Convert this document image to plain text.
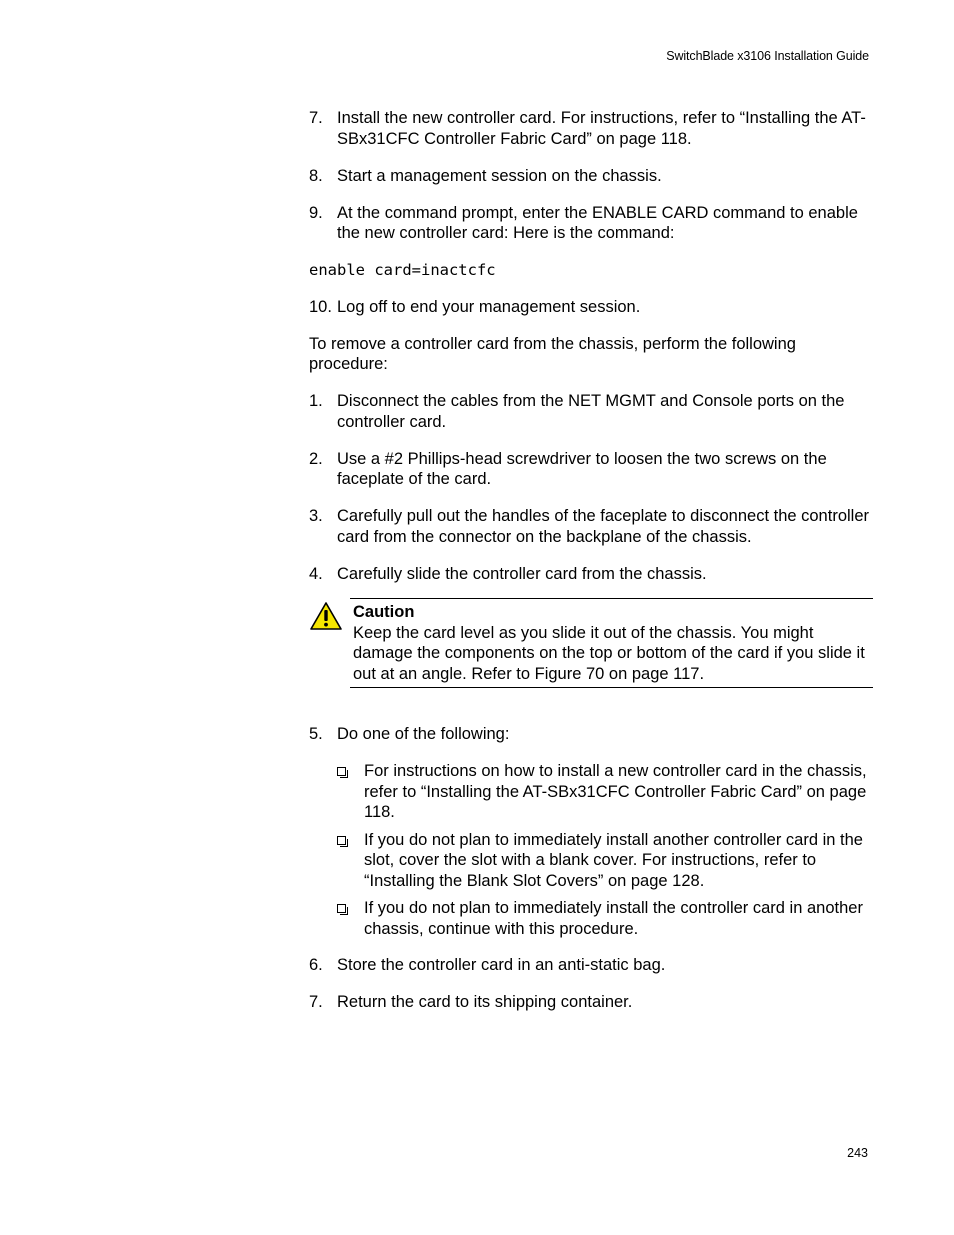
SwitchBlade x3106 Installation Guide
7. Install the new controller card. For instructions, refer to “Installing the AT-SBx31CFC Controller Fabric Card” on page 118.
8. Start a management session on the chassis.
9. At the command prompt, enter the ENABLE CARD command to enable the new controller card: Here is the command:
enable card=inactcfc
10. Log off to end your management session.
To remove a controller card from the chassis, perform the following procedure:
1. Disconnect the cables from the NET MGMT and Console ports on the controller card.
2. Use a #2 Phillips-head screwdriver to loosen the two screws on the faceplate of the card.
3. Carefully pull out the handles of the faceplate to disconnect the controller card from the connector on the backplane of the chassis.
4. Carefully slide the controller card from the chassis.
Caution
Keep the card level as you slide it out of the chassis. You might damage the components on the top or bottom of the card if you slide it out at an angle. Refer to Figure 70 on page 117.
5. Do one of the following:
For instructions on how to install a new controller card in the chassis, refer to “Installing the AT-SBx31CFC Controller Fabric Card” on page 118.
If you do not plan to immediately install another controller card in the slot, cover the slot with a blank cover. For instructions, refer to “Installing the Blank Slot Covers” on page 128.
If you do not plan to immediately install the controller card in another chassis, continue with this procedure.
6. Store the controller card in an anti-static bag.
7. Return the card to its shipping container.
243
